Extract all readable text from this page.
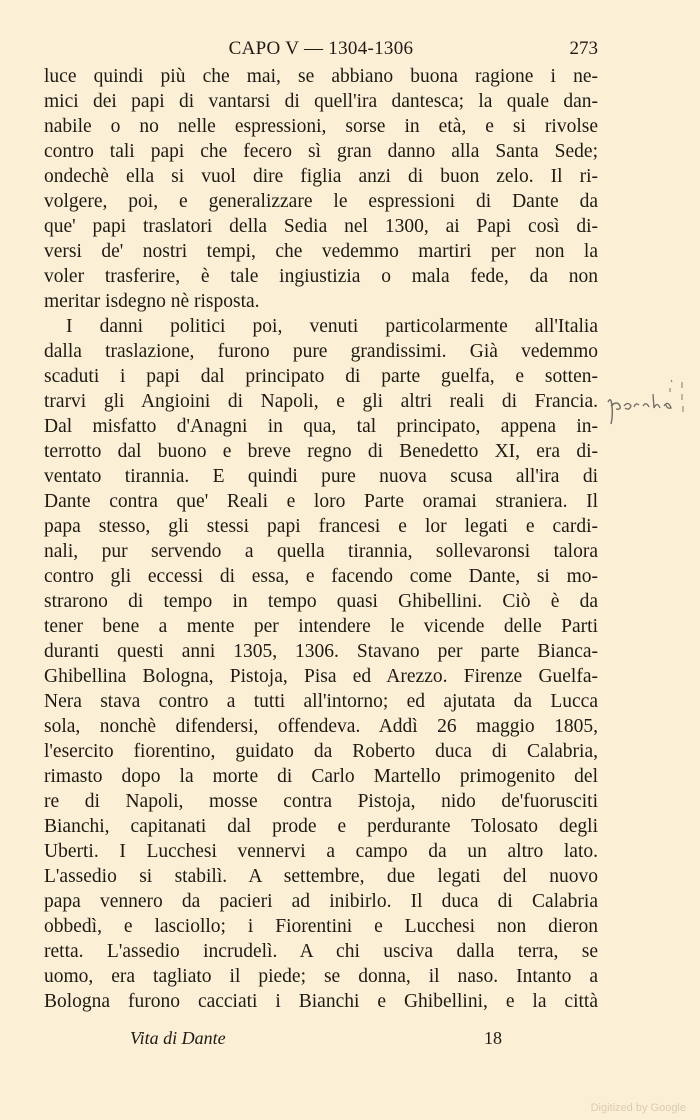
CAPO V — 1304-1306	273
luce quindi più che mai, se abbiano buona ragione i ne-
mici dei papi di vantarsi di quell'ira dantesca; la quale dan-
nabile o no nelle espressioni, sorse in età, e si rivolse
contro tali papi che fecero sì gran danno alla Santa Sede;
ondechè ella si vuol dire figlia anzi di buon zelo. Il ri-
volgere, poi, e generalizzare le espressioni di Dante da
que' papi traslatori della Sedia nel 1300, ai Papi così di-
versi de' nostri tempi, che vedemmo martiri per non la
voler trasferire, è tale ingiustizia o mala fede, da non
meritar isdegno nè risposta.
I danni politici poi, venuti particolarmente all'Italia
dalla traslazione, furono pure grandissimi. Già vedemmo
scaduti i papi dal principato di parte guelfa, e sotten-
trarvi gli Angioini di Napoli, e gli altri reali di Francia.
Dal misfatto d'Anagni in qua, tal principato, appena in-
terrotto dal buono e breve regno di Benedetto XI, era di-
ventato tirannia. E quindi pure nuova scusa all'ira di
Dante contra que' Reali e loro Parte oramai straniera. Il
papa stesso, gli stessi papi francesi e lor legati e cardi-
nali, pur servendo a quella tirannia, sollevaronsi talora
contro gli eccessi di essa, e facendo come Dante, si mo-
strarono di tempo in tempo quasi Ghibellini. Ciò è da
tener bene a mente per intendere le vicende delle Parti
duranti questi anni 1305, 1306. Stavano per parte Bianca-
Ghibellina Bologna, Pistoja, Pisa ed Arezzo. Firenze Guelfa-
Nera stava contro a tutti all'intorno; ed ajutata da Lucca
sola, nonchè difendersi, offendeva. Addì 26 maggio 1805,
l'esercito fiorentino, guidato da Roberto duca di Calabria,
rimasto dopo la morte di Carlo Martello primogenito del
re di Napoli, mosse contra Pistoja, nido de'fuorusciti
Bianchi, capitanati dal prode e perdurante Tolosato degli
Uberti. I Lucchesi vennervi a campo da un altro lato.
L'assedio si stabilì. A settembre, due legati del nuovo
papa vennero da pacieri ad inibirlo. Il duca di Calabria
obbedì, e lasciollo; i Fiorentini e Lucchesi non dieron
retta. L'assedio incrudelì. A chi usciva dalla terra, se
uomo, era tagliato il piede; se donna, il naso. Intanto a
Bologna furono cacciati i Bianchi e Ghibellini, e la città
Vita di Dante	18
Digitized by Google
